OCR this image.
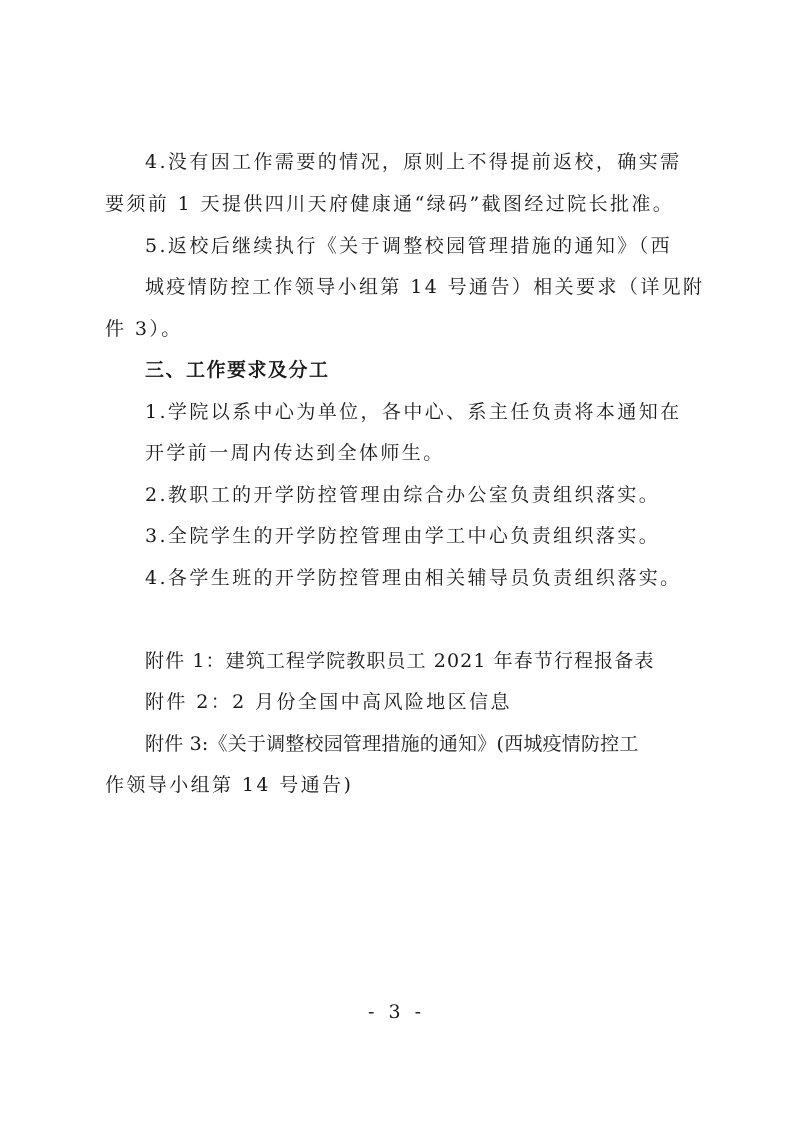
4.没有因工作需要的情况，原则上不得提前返校，确实需
要须前 1 天提供四川天府健康通“绿码”截图经过院长批准。
5.返校后继续执行《关于调整校园管理措施的通知》（西
城疫情防控工作领导小组第 14 号通告）相关要求（详见附
件 3）。
三、工作要求及分工
1.学院以系中心为单位，各中心、系主任负责将本通知在
开学前一周内传达到全体师生。
2.教职工的开学防控管理由综合办公室负责组织落实。
3.全院学生的开学防控管理由学工中心负责组织落实。
4.各学生班的开学防控管理由相关辅导员负责组织落实。
附件 1：建筑工程学院教职员工 2021 年春节行程报备表
附件 2：2 月份全国中高风险地区信息
附件 3:《关于调整校园管理措施的通知》(西城疫情防控工
作领导小组第 14 号通告)
- 3 -
